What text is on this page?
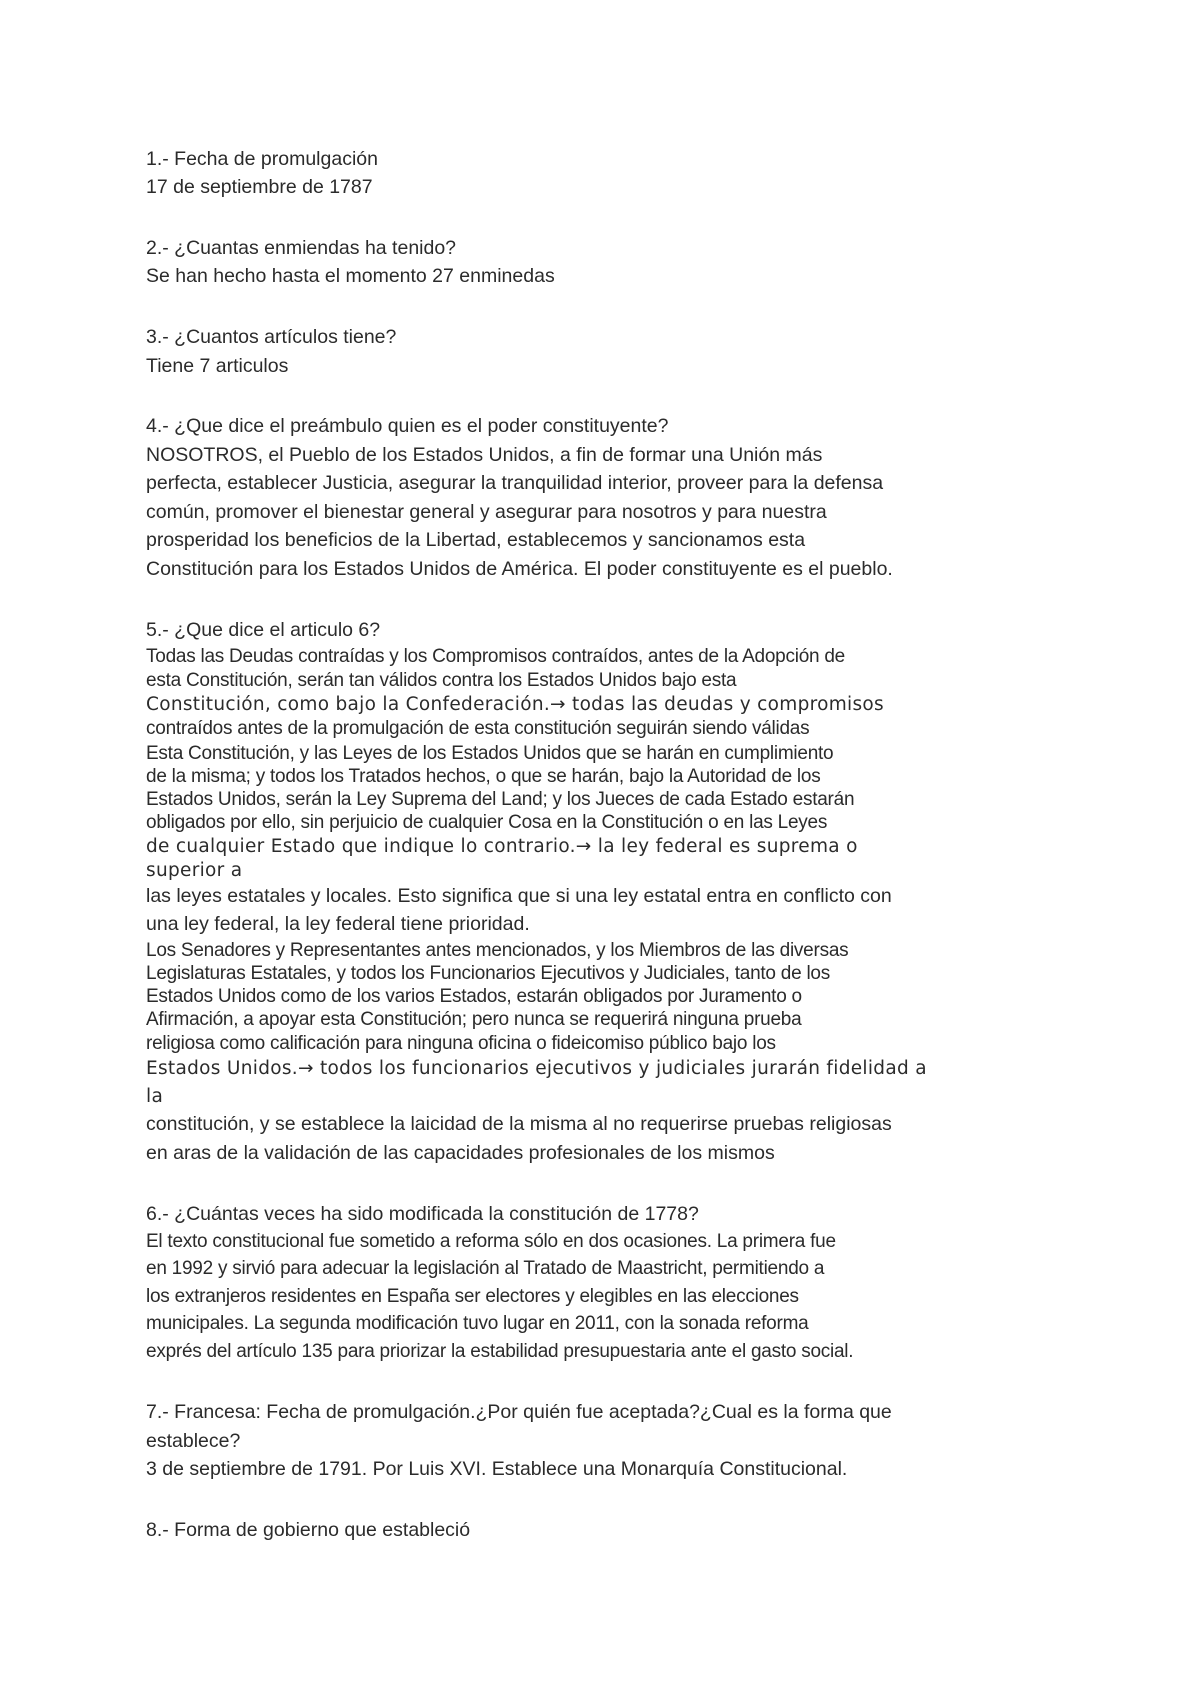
1.- Fecha de promulgación
17 de septiembre de 1787
2.- ¿Cuantas enmiendas ha tenido?
Se han hecho hasta el momento 27 enminedas
3.- ¿Cuantos artículos tiene?
Tiene 7 articulos
4.- ¿Que dice el preámbulo quien es el poder constituyente?
NOSOTROS, el Pueblo de los Estados Unidos, a fin de formar una Unión más
perfecta, establecer Justicia, asegurar la tranquilidad interior, proveer para la defensa
común, promover el bienestar general y asegurar para nosotros y para nuestra
prosperidad los beneficios de la Libertad, establecemos y sancionamos esta
Constitución para los Estados Unidos de América. El poder constituyente es el pueblo.
5.- ¿Que dice el articulo 6?
Todas las Deudas contraídas y los Compromisos contraídos, antes de la Adopción de
esta Constitución, serán tan válidos contra los Estados Unidos bajo esta
Constitución, como bajo la Confederación.→ todas las deudas y compromisos
contraídos antes de la promulgación de esta constitución seguirán siendo válidas
Esta Constitución, y las Leyes de los Estados Unidos que se harán en cumplimiento
de la misma; y todos los Tratados hechos, o que se harán, bajo la Autoridad de los
Estados Unidos, serán la Ley Suprema del Land; y los Jueces de cada Estado estarán
obligados por ello, sin perjuicio de cualquier Cosa en la Constitución o en las Leyes
de cualquier Estado que indique lo contrario.→ la ley federal es suprema o
superior a
las leyes estatales y locales. Esto significa que si una ley estatal entra en conflicto con
una ley federal, la ley federal tiene prioridad.
Los Senadores y Representantes antes mencionados, y los Miembros de las diversas
Legislaturas Estatales, y todos los Funcionarios Ejecutivos y Judiciales, tanto de los
Estados Unidos como de los varios Estados, estarán obligados por Juramento o
Afirmación, a apoyar esta Constitución; pero nunca se requerirá ninguna prueba
religiosa como calificación para ninguna oficina o fideicomiso público bajo los
Estados Unidos.→ todos los funcionarios ejecutivos y judiciales jurarán fidelidad a
la
constitución, y se establece la laicidad de la misma al no requerirse pruebas religiosas
en aras de la validación de las capacidades profesionales de los mismos
6.- ¿Cuántas veces ha sido modificada la constitución de 1778?
El texto constitucional fue sometido a reforma sólo en dos ocasiones. La primera fue
en 1992 y sirvió para adecuar la legislación al Tratado de Maastricht, permitiendo a
los extranjeros residentes en España ser electores y elegibles en las elecciones
municipales. La segunda modificación tuvo lugar en 2011, con la sonada reforma
exprés del artículo 135 para priorizar la estabilidad presupuestaria ante el gasto social.
7.- Francesa: Fecha de promulgación.¿Por quién fue aceptada?¿Cual es la forma que
establece?
3 de septiembre de 1791. Por Luis XVI. Establece una Monarquía Constitucional.
8.- Forma de gobierno que estableció
